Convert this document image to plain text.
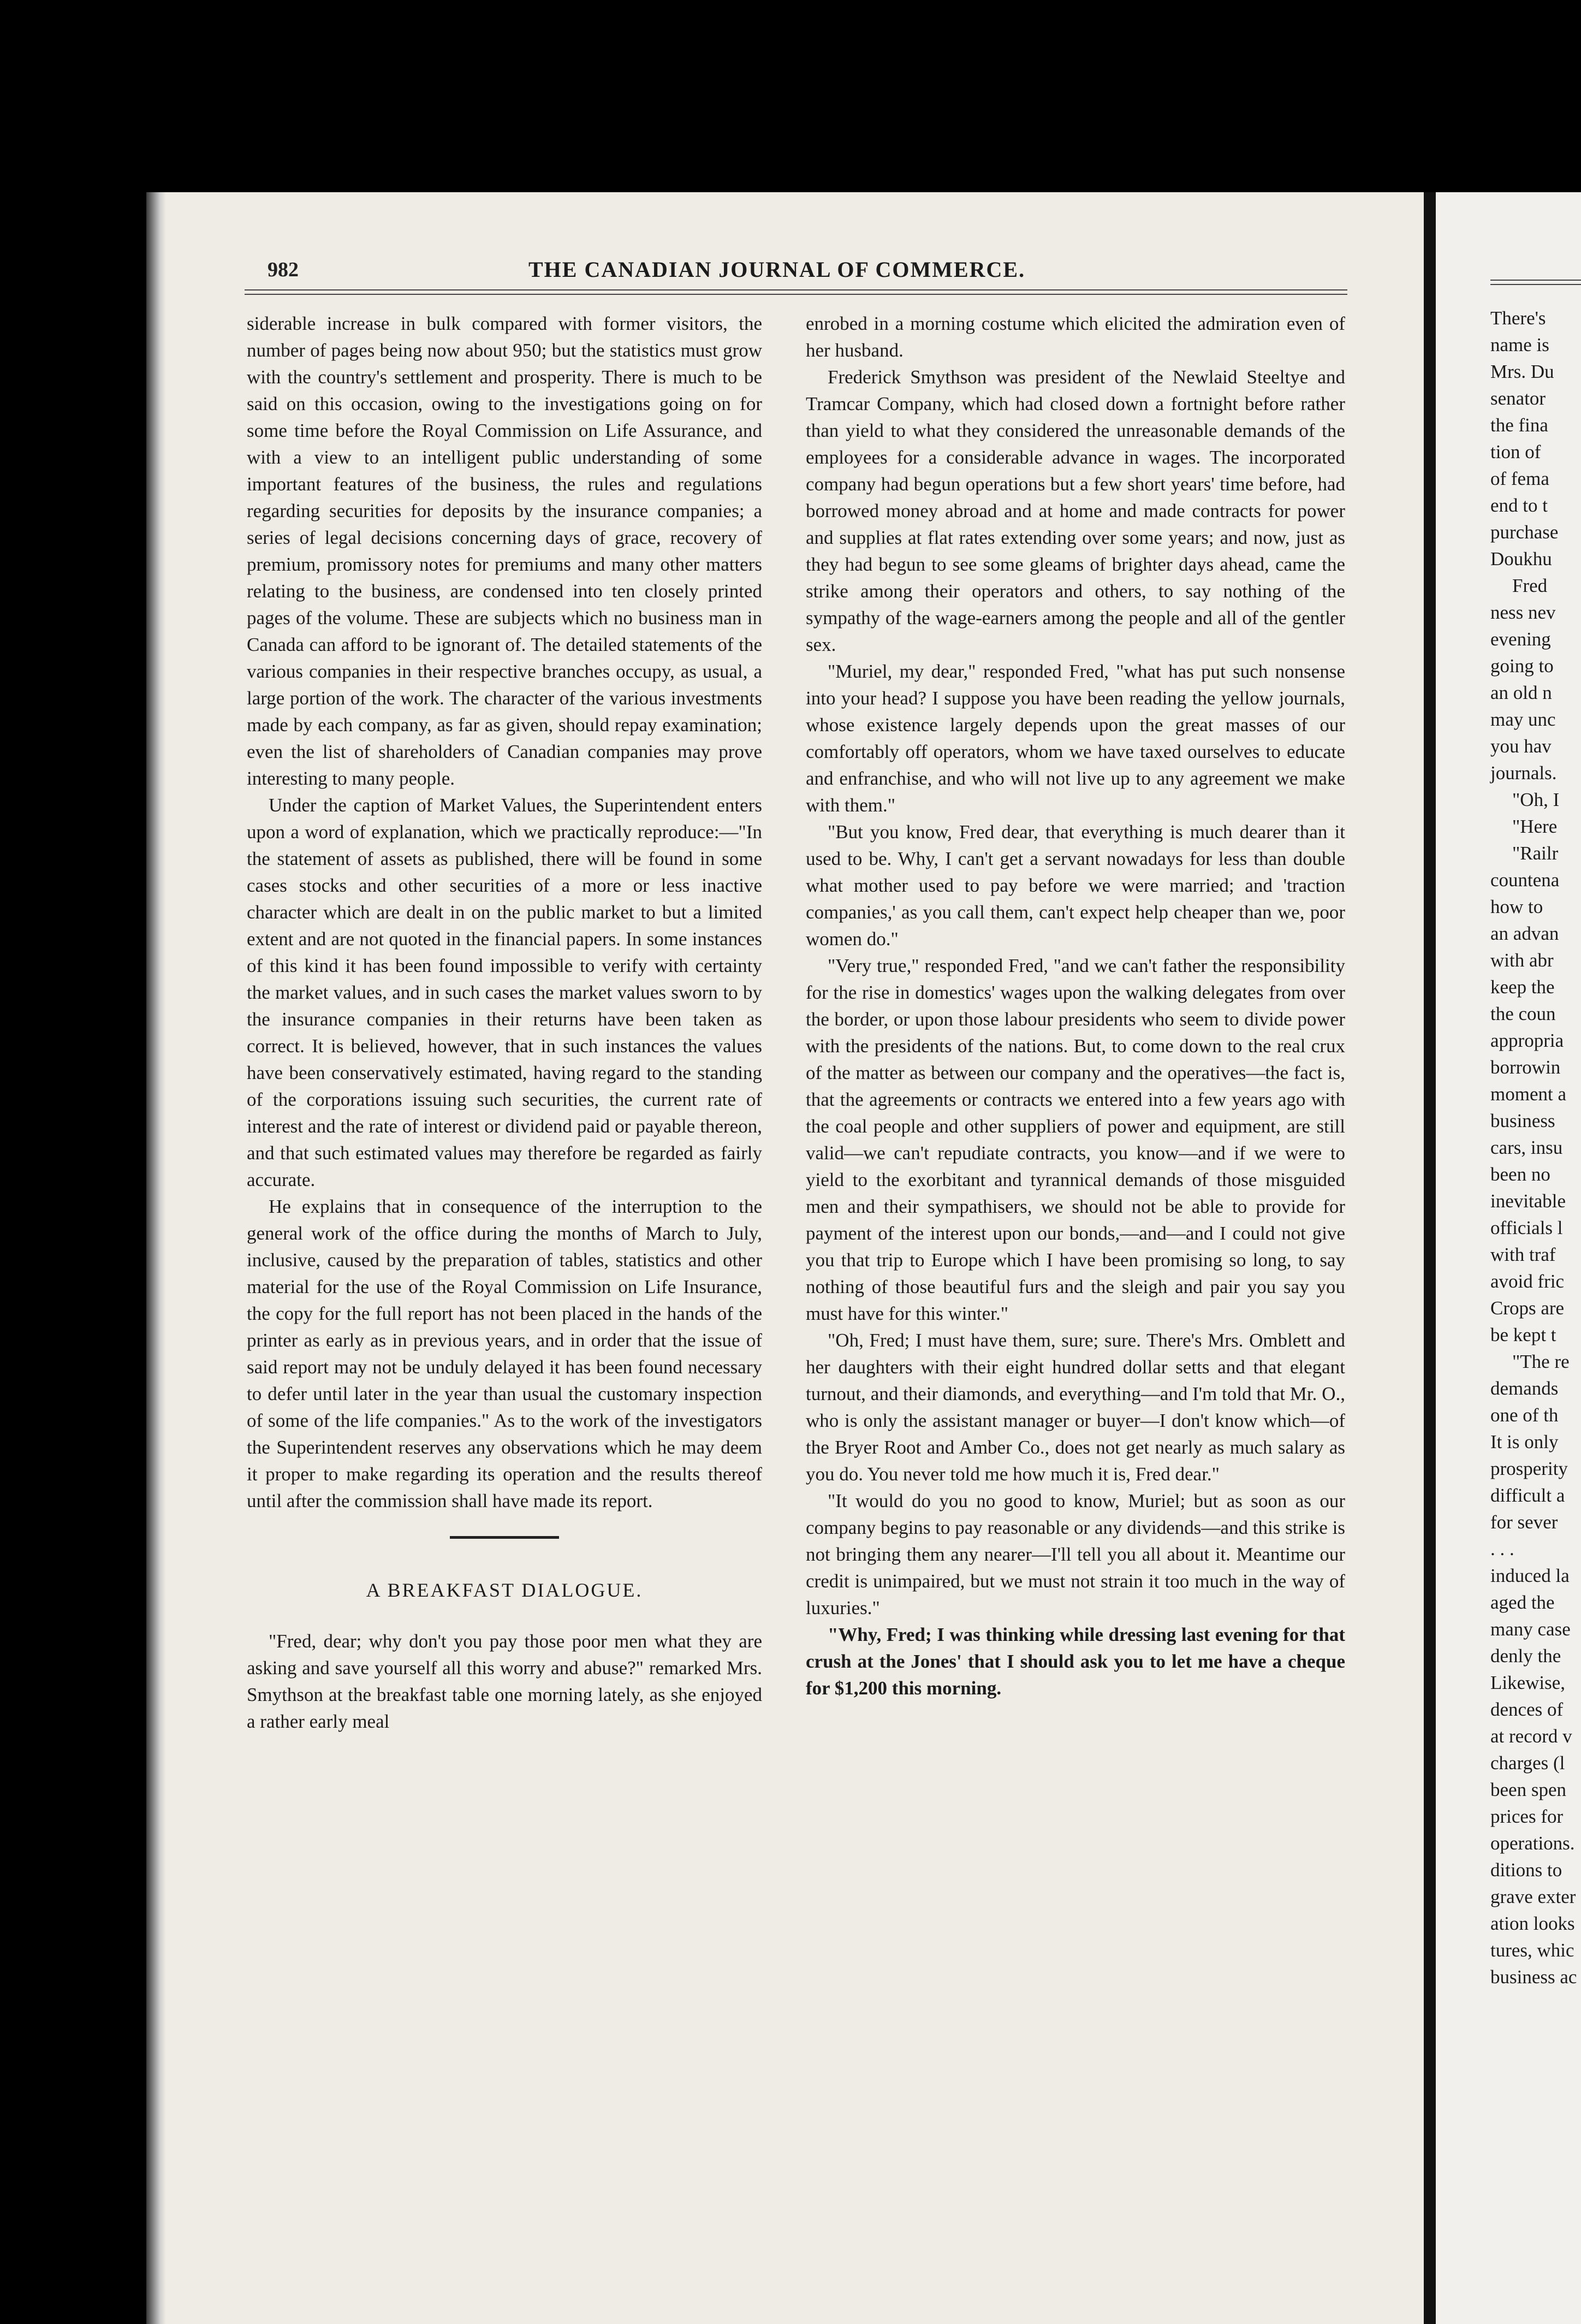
982	THE CANADIAN JOURNAL OF COMMERCE.

siderable increase in bulk compared with former visitors, the number of pages being now about 950; but the statistics must grow with the country's settlement and prosperity. There is much to be said on this occasion, owing to the investigations going on for some time before the Royal Commission on Life Assurance, and with a view to an intelligent public understanding of some important features of the business, the rules and regulations regarding securities for deposits by the insurance companies; a series of legal decisions concerning days of grace, recovery of premium, promissory notes for premiums and many other matters relating to the business, are condensed into ten closely printed pages of the volume. These are subjects which no business man in Canada can afford to be ignorant of. The detailed statements of the various companies in their respective branches occupy, as usual, a large portion of the work. The character of the various investments made by each company, as far as given, should repay examination; even the list of shareholders of Canadian companies may prove interesting to many people.

Under the caption of Market Values, the Superintendent enters upon a word of explanation, which we practically reproduce:—"In the statement of assets as published, there will be found in some cases stocks and other securities of a more or less inactive character which are dealt in on the public market to but a limited extent and are not quoted in the financial papers. In some instances of this kind it has been found impossible to verify with certainty the market values, and in such cases the market values sworn to by the insurance companies in their returns have been taken as correct. It is believed, however, that in such instances the values have been conservatively estimated, having regard to the standing of the corporations issuing such securities, the current rate of interest and the rate of interest or dividend paid or payable thereon, and that such estimated values may therefore be regarded as fairly accurate.

He explains that in consequence of the interruption to the general work of the office during the months of March to July, inclusive, caused by the preparation of tables, statistics and other material for the use of the Royal Commission on Life Insurance, the copy for the full report has not been placed in the hands of the printer as early as in previous years, and in order that the issue of said report may not be unduly delayed it has been found necessary to defer until later in the year than usual the customary inspection of some of the life companies." As to the work of the investigators the Superintendent reserves any observations which he may deem it proper to make regarding its operation and the results thereof until after the commission shall have made its report.

A BREAKFAST DIALOGUE.

"Fred, dear; why don't you pay those poor men what they are asking and save yourself all this worry and abuse?" remarked Mrs. Smythson at the breakfast table one morning lately, as she enjoyed a rather early meal

enrobed in a morning costume which elicited the admiration even of her husband.

Frederick Smythson was president of the Newlaid Steeltye and Tramcar Company, which had closed down a fortnight before rather than yield to what they considered the unreasonable demands of the employees for a considerable advance in wages. The incorporated company had begun operations but a few short years' time before, had borrowed money abroad and at home and made contracts for power and supplies at flat rates extending over some years; and now, just as they had begun to see some gleams of brighter days ahead, came the strike among their operators and others, to say nothing of the sympathy of the wage-earners among the people and all of the gentler sex.

"Muriel, my dear," responded Fred, "what has put such nonsense into your head? I suppose you have been reading the yellow journals, whose existence largely depends upon the great masses of our comfortably off operators, whom we have taxed ourselves to educate and enfranchise, and who will not live up to any agreement we make with them."

"But you know, Fred dear, that everything is much dearer than it used to be. Why, I can't get a servant nowadays for less than double what mother used to pay before we were married; and 'traction companies,' as you call them, can't expect help cheaper than we, poor women do."

"Very true," responded Fred, "and we can't father the responsibility for the rise in domestics' wages upon the walking delegates from over the border, or upon those labour presidents who seem to divide power with the presidents of the nations. But, to come down to the real crux of the matter as between our company and the operatives—the fact is, that the agreements or contracts we entered into a few years ago with the coal people and other suppliers of power and equipment, are still valid—we can't repudiate contracts, you know—and if we were to yield to the exorbitant and tyrannical demands of those misguided men and their sympathisers, we should not be able to provide for payment of the interest upon our bonds,—and—and I could not give you that trip to Europe which I have been promising so long, to say nothing of those beautiful furs and the sleigh and pair you say you must have for this winter."

"Oh, Fred; I must have them, sure; sure. There's Mrs. Omblett and her daughters with their eight hundred dollar setts and that elegant turnout, and their diamonds, and everything—and I'm told that Mr. O., who is only the assistant manager or buyer—I don't know which—of the Bryer Root and Amber Co., does not get nearly as much salary as you do. You never told me how much it is, Fred dear."

"It would do you no good to know, Muriel; but as soon as our company begins to pay reasonable or any dividends—and this strike is not bringing them any nearer—I'll tell you all about it. Meantime our credit is unimpaired, but we must not strain it too much in the way of luxuries."

"Why, Fred; I was thinking while dressing last evening for that crush at the Jones' that I should ask you to let me have a cheque for $1,200 this morning.

There's
name is
Mrs. Du
senator
the fina
tion of
of fema
end to t
purchase
Doukhu
Fred
ness nev
evening
going to
an old n
may unc
you hav
journals.
"Oh, I
"Here
"Railr
countena
how to
an advan
with abr
keep the
the coun
appropria
borrowin
moment a
business
cars, insu
been no
inevitable
officials l
with traf
avoid fric
Crops are
be kept t
"The re
demands
one of th
It is only
prosperity
difficult a
for sever
. . .
induced la
aged the
many case
denly the
Likewise,
dences of
at record v
charges (l
been spen
prices for
operations.
ditions to
grave exter
ation looks
tures, whic
business ac
